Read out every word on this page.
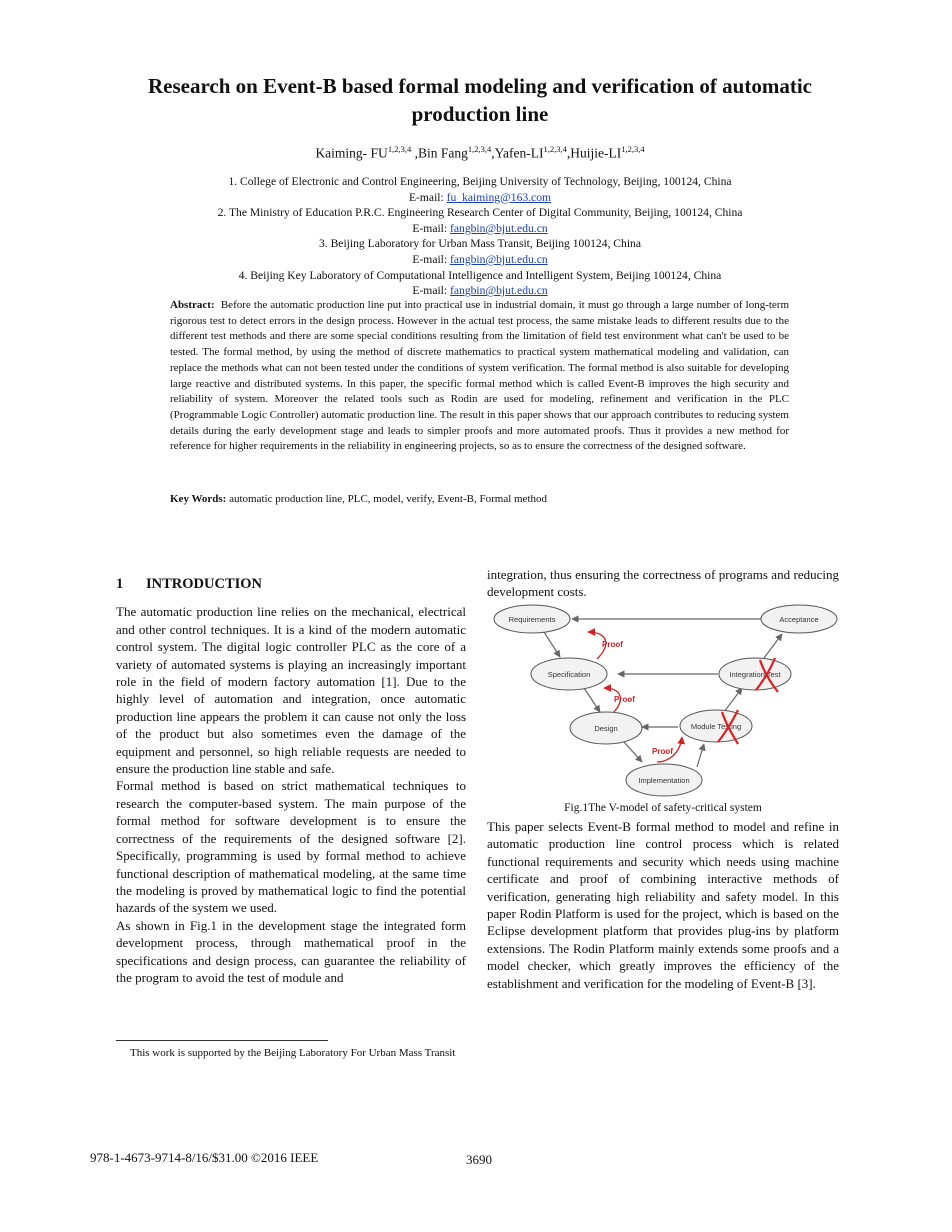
Research on Event-B based formal modeling and verification of automatic production line
Kaiming- FU$^{1,2,3,4}$ ,Bin Fang$^{1,2,3,4}$,Yafen-LI$^{1,2,3,4}$,Huijie-LI$^{1,2,3,4}$
1. College of Electronic and Control Engineering, Beijing University of Technology, Beijing, 100124, China
E-mail: fu_kaiming@163.com
2. The Ministry of Education P.R.C. Engineering Research Center of Digital Community, Beijing, 100124, China
E-mail: fangbin@bjut.edu.cn
3. Beijing Laboratory for Urban Mass Transit, Beijing 100124, China
E-mail: fangbin@bjut.edu.cn
4. Beijing Key Laboratory of Computational Intelligence and Intelligent System, Beijing 100124, China
E-mail: fangbin@bjut.edu.cn

Abstract: Before the automatic production line put into practical use in industrial domain, it must go through a large number of long-term rigorous test to detect errors in the design process. However in the actual test process, the same mistake leads to different results due to the different test methods and there are some special conditions resulting from the limitation of field test environment what can't be used to be tested. The formal method, by using the method of discrete mathematics to practical system mathematical modeling and validation, can replace the methods what can not been tested under the conditions of system verification. The formal method is also suitable for developing large reactive and distributed systems. In this paper, the specific formal method which is called Event-B improves the high security and reliability of system. Moreover the related tools such as Rodin are used for modeling, refinement and verification in the PLC (Programmable Logic Controller) automatic production line. The result in this paper shows that our approach contributes to reducing system details during the early development stage and leads to simpler proofs and more automated proofs. Thus it provides a new method for reference for higher requirements in the reliability in engineering projects, so as to ensure the correctness of the designed software.

Key Words: automatic production line, PLC, model, verify, Event-B, Formal method

1 INTRODUCTION

The automatic production line relies on the mechanical, electrical and other control techniques. It is a kind of the modern automatic control system. The digital logic controller PLC as the core of a variety of automated systems is playing an increasingly important role in the field of modern factory automation [1]. Due to the highly level of automation and integration, once automatic production line appears the problem it can cause not only the loss of the product but also sometimes even the damage of the equipment and personnel, so high reliable requests are needed to ensure the production line stable and safe.

Formal method is based on strict mathematical techniques to research the computer-based system. The main purpose of the formal method for software development is to ensure the correctness of the requirements of the designed software [2]. Specifically, programming is used by formal method to achieve functional description of mathematical modeling, at the same time the modeling is proved by mathematical logic to find the potential hazards of the system we used.

As shown in Fig.1 in the development stage the integrated form development process, through mathematical proof in the specifications and design process, can guarantee the reliability of the program to avoid the test of module and

integration, thus ensuring the correctness of programs and reducing development costs.

Requirements	Acceptance
Specification	Integration Test
Design	Module Testing
Implementation
Proof
Proof
Proof
Fig.1The V-model of safety-critical system

This paper selects Event-B formal method to model and refine in automatic production line control process which is related functional requirements and security which needs using machine certificate and proof of combining interactive methods of verification, generating high reliability and safety model. In this paper Rodin Platform is used for the project, which is based on the Eclipse development platform that provides plug-ins by platform extensions. The Rodin Platform mainly extends some proofs and a model checker, which greatly improves the efficiency of the establishment and verification for the modeling of Event-B [3].

This work is supported by the Beijing Laboratory For Urban Mass Transit
978-1-4673-9714-8/16/$31.00 ©2016 IEEE	3690
